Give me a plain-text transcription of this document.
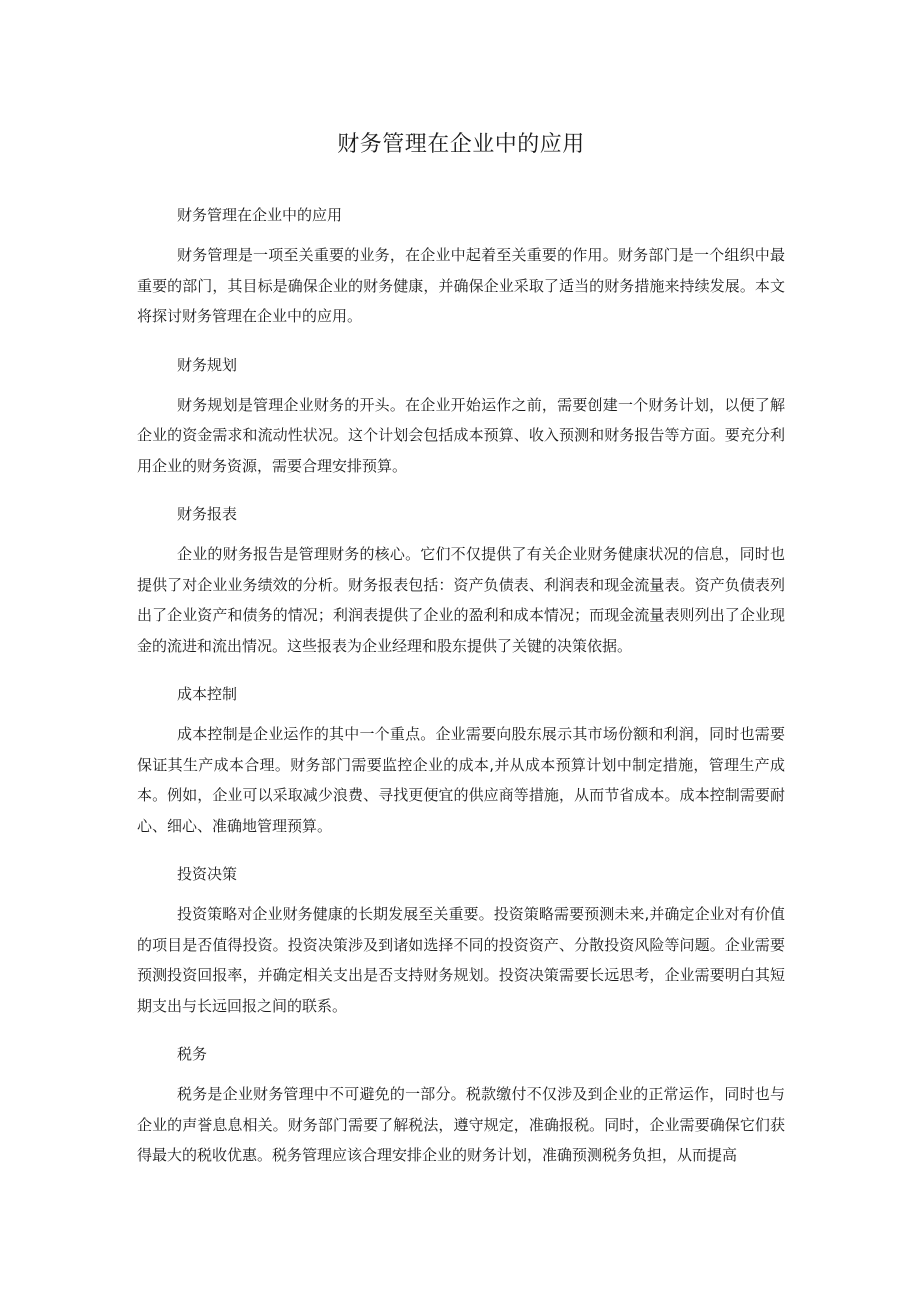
财务管理在企业中的应用

财务管理在企业中的应用

财务管理是一项至关重要的业务，在企业中起着至关重要的作用。财务部门是一个组织中最重要的部门，其目标是确保企业的财务健康，并确保企业采取了适当的财务措施来持续发展。本文将探讨财务管理在企业中的应用。

财务规划

财务规划是管理企业财务的开头。在企业开始运作之前，需要创建一个财务计划，以便了解企业的资金需求和流动性状况。这个计划会包括成本预算、收入预测和财务报告等方面。要充分利用企业的财务资源，需要合理安排预算。

财务报表

企业的财务报告是管理财务的核心。它们不仅提供了有关企业财务健康状况的信息，同时也提供了对企业业务绩效的分析。财务报表包括：资产负债表、利润表和现金流量表。资产负债表列出了企业资产和债务的情况；利润表提供了企业的盈利和成本情况；而现金流量表则列出了企业现金的流进和流出情况。这些报表为企业经理和股东提供了关键的决策依据。

成本控制

成本控制是企业运作的其中一个重点。企业需要向股东展示其市场份额和利润，同时也需要保证其生产成本合理。财务部门需要监控企业的成本,并从成本预算计划中制定措施，管理生产成本。例如，企业可以采取减少浪费、寻找更便宜的供应商等措施，从而节省成本。成本控制需要耐心、细心、准确地管理预算。

投资决策

投资策略对企业财务健康的长期发展至关重要。投资策略需要预测未来,并确定企业对有价值的项目是否值得投资。投资决策涉及到诸如选择不同的投资资产、分散投资风险等问题。企业需要预测投资回报率，并确定相关支出是否支持财务规划。投资决策需要长远思考，企业需要明白其短期支出与长远回报之间的联系。

税务

税务是企业财务管理中不可避免的一部分。税款缴付不仅涉及到企业的正常运作，同时也与企业的声誉息息相关。财务部门需要了解税法，遵守规定，准确报税。同时，企业需要确保它们获得最大的税收优惠。税务管理应该合理安排企业的财务计划，准确预测税务负担，从而提高
